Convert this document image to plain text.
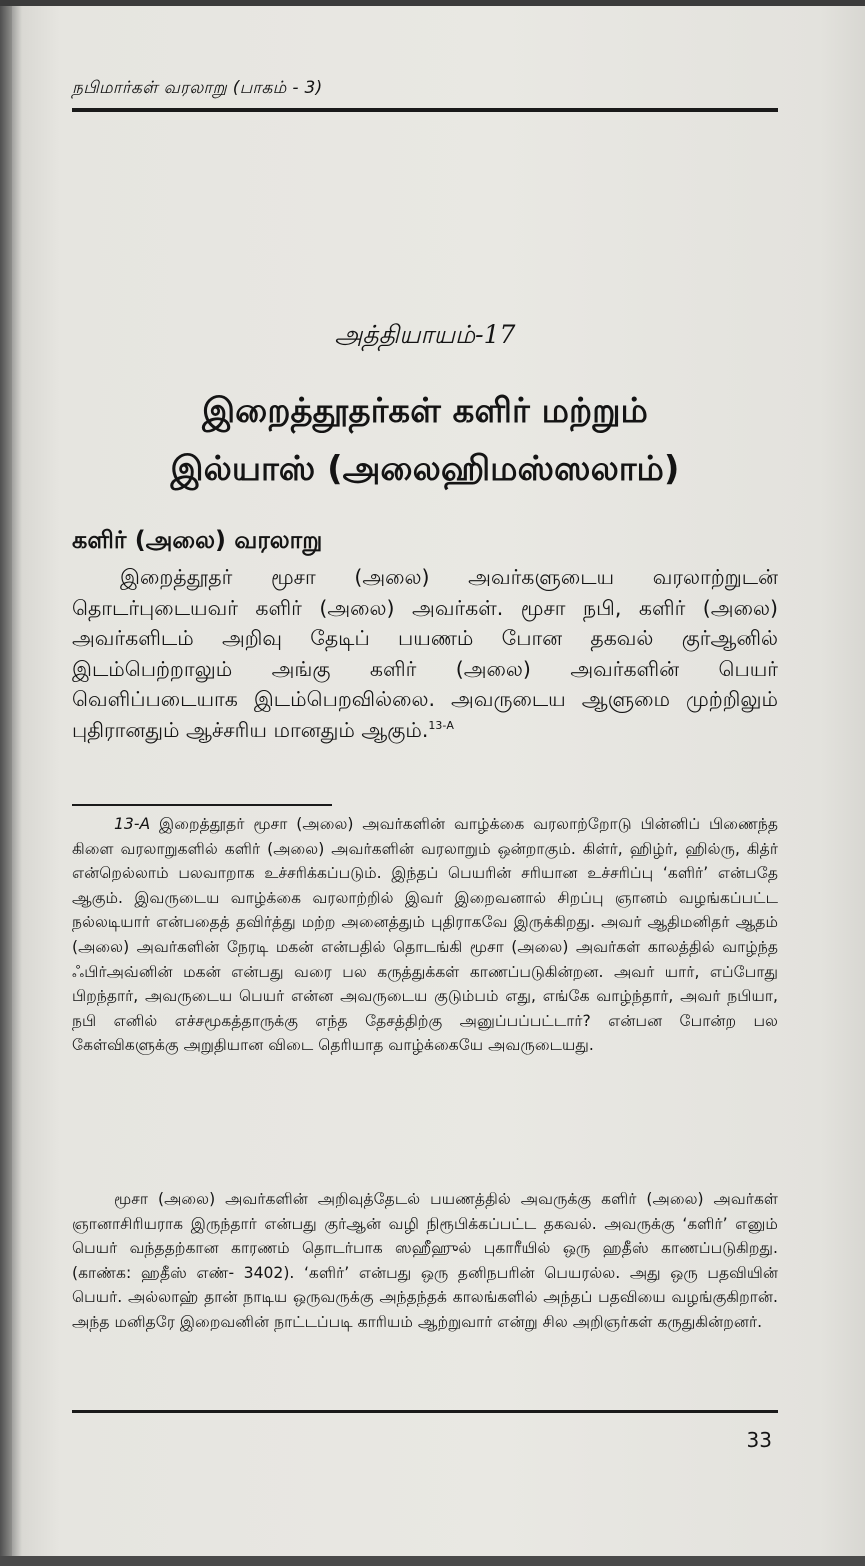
நபிமார்கள் வரலாறு (பாகம் - 3)
அத்தியாயம்-17
இறைத்தூதர்கள் களிர் மற்றும்
இல்யாஸ் (அலைஹிமஸ்ஸலாம்)
களிர் (அலை) வரலாறு
இறைத்தூதர் மூசா (அலை) அவர்களுடைய வரலாற்றுடன் தொடர்புடையவர் களிர் (அலை) அவர்கள். மூசா நபி, களிர் (அலை) அவர்களிடம் அறிவு தேடிப் பயணம் போன தகவல் குர்ஆனில் இடம்பெற்றாலும் அங்கு களிர் (அலை) அவர்களின் பெயர் வெளிப்படையாக இடம்பெறவில்லை. அவருடைய ஆளுமை முற்றிலும் புதிரானதும் ஆச்சரிய மானதும் ஆகும்.$^{13-A}$
13-A இறைத்தூதர் மூசா (அலை) அவர்களின் வாழ்க்கை வரலாற்றோடு பின்னிப் பிணைந்த கிளை வரலாறுகளில் களிர் (அலை) அவர்களின் வரலாறும் ஒன்றாகும். கிள்ர், ஹிழ்ர், ஹில்ரு, கித்ர் என்றெல்லாம் பலவாறாக உச்சரிக்கப்படும். இந்தப் பெயரின் சரியான உச்சரிப்பு ‘களிர்’ என்பதே ஆகும். இவருடைய வாழ்க்கை வரலாற்றில் இவர் இறைவனால் சிறப்பு ஞானம் வழங்கப்பட்ட நல்லடியார் என்பதைத் தவிர்த்து மற்ற அனைத்தும் புதிராகவே இருக்கிறது. அவர் ஆதிமனிதர் ஆதம் (அலை) அவர்களின் நேரடி மகன் என்பதில் தொடங்கி மூசா (அலை) அவர்கள் காலத்தில் வாழ்ந்த ஃபிர்அவ்னின் மகன் என்பது வரை பல கருத்துக்கள் காணப்படுகின்றன. அவர் யார், எப்போது பிறந்தார், அவருடைய பெயர் என்ன அவருடைய குடும்பம் எது, எங்கே வாழ்ந்தார், அவர் நபியா, நபி எனில் எச்சமூகத்தாருக்கு எந்த தேசத்திற்கு அனுப்பப்பட்டார்? என்பன போன்ற பல கேள்விகளுக்கு அறுதியான விடை தெரியாத வாழ்க்கையே அவருடையது.
மூசா (அலை) அவர்களின் அறிவுத்தேடல் பயணத்தில் அவருக்கு களிர் (அலை) அவர்கள் ஞானாசிரியராக இருந்தார் என்பது குர்ஆன் வழி நிரூபிக்கப்பட்ட தகவல். அவருக்கு ‘களிர்’ எனும் பெயர் வந்ததற்கான காரணம் தொடர்பாக ஸஹீஹுல் புகாரீயில் ஒரு ஹதீஸ் காணப்படுகிறது. (காண்க: ஹதீஸ் எண்- 3402). ‘களிர்’ என்பது ஒரு தனிநபரின் பெயரல்ல. அது ஒரு பதவியின் பெயர். அல்லாஹ் தான் நாடிய ஒருவருக்கு அந்தந்தக் காலங்களில் அந்தப் பதவியை வழங்குகிறான். அந்த மனிதரே இறைவனின் நாட்டப்படி காரியம் ஆற்றுவார் என்று சில அறிஞர்கள் கருதுகின்றனர்.
33
